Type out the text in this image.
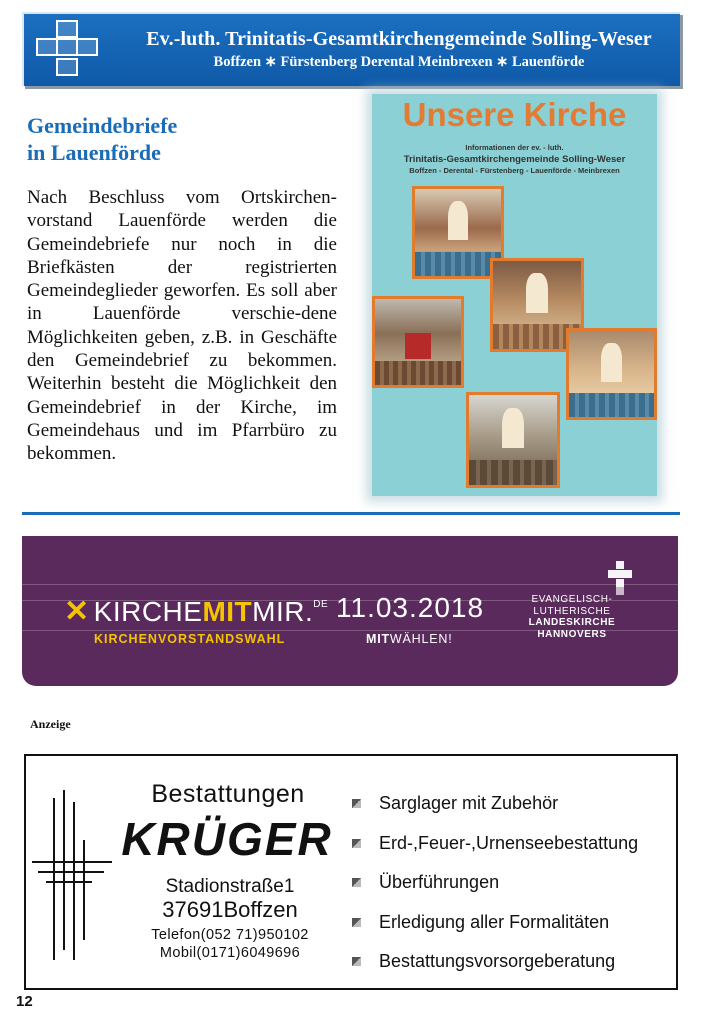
Ev.-luth. Trinitatis-Gesamtkirchengemeinde Solling-Weser
Boffzen ∗ Fürstenberg Derental Meinbrexen ∗ Lauenförde
Gemeindebriefe
in Lauenförde

Nach Beschluss vom Ortskirchen-vorstand Lauenförde werden die Gemeindebriefe nur noch in die Briefkästen der registrierten Gemeindeglieder geworfen. Es soll aber in Lauenförde verschie-dene Möglichkeiten geben, z.B. in Geschäfte den Gemeindebrief zu bekommen. Weiterhin besteht die Möglichkeit den Gemeindebrief in der Kirche, im Gemeindehaus und im Pfarrbüro zu bekommen.

Unsere Kirche
Informationen der ev. - luth.
Trinitatis-Gesamtkirchengemeinde Solling-Weser
Boffzen - Derental - Fürstenberg - Lauenförde - Meinbrexen
✕ KIRCHEMITMIR.$^{DE}$
KIRCHENVORSTANDSWAHL
11.03.2018
MITWÄHLEN!
EVANGELISCH-
LUTHERISCHE
LANDESKIRCHE
HANNOVERS
Anzeige
Bestattungen
KRÜGER
Stadionstraße1
37691Boffzen
Telefon(052 71)950102
Mobil(0171)6049696
Sarglager mit Zubehör
Erd-,Feuer-,Urnenseebestattung
Überführungen
Erledigung aller Formalitäten
Bestattungsvorsorgeberatung
12
